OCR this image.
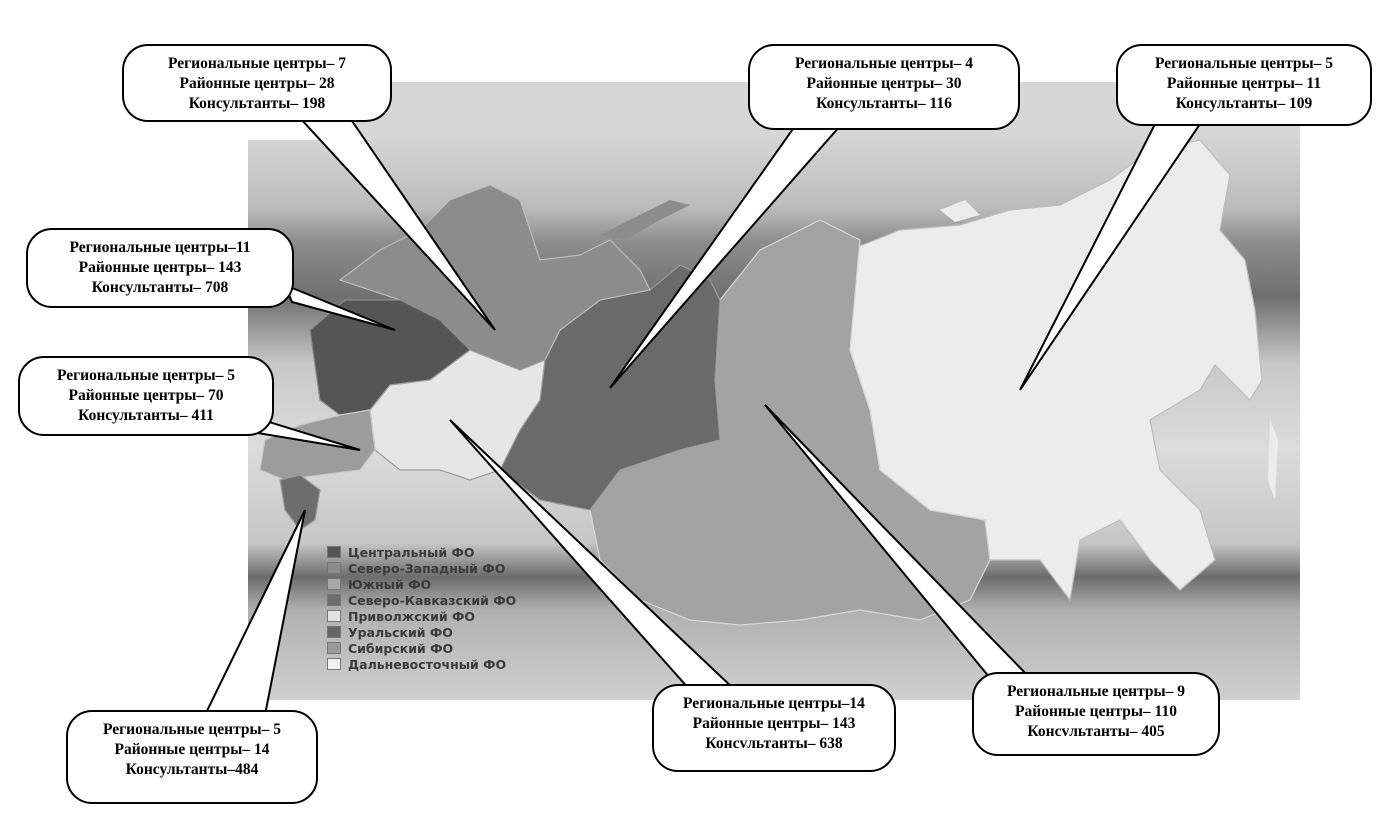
Центральный ФО
Северо-Западный ФО
Южный ФО
Северо-Кавказский ФО
Приволжский ФО
Уральский ФО
Сибирский ФО
Дальневосточный ФО
Региональные центры– 7
Районные центры– 28
Консультанты– 198
Региональные центры– 4
Районные центры– 30
Консультанты– 116
Региональные центры– 5
Районные центры– 11
Консультанты– 109
Региональные центры–11
Районные центры– 143
Консультанты– 708
Региональные центры– 5
Районные центры– 70
Консультанты– 411
Региональные центры– 5
Районные центры– 14
Консультанты–484
Региональные центры–14
Районные центры– 143
Консvльтанты– 638
Региональные центры– 9
Районные центры– 110
Консvльтанты– 405
